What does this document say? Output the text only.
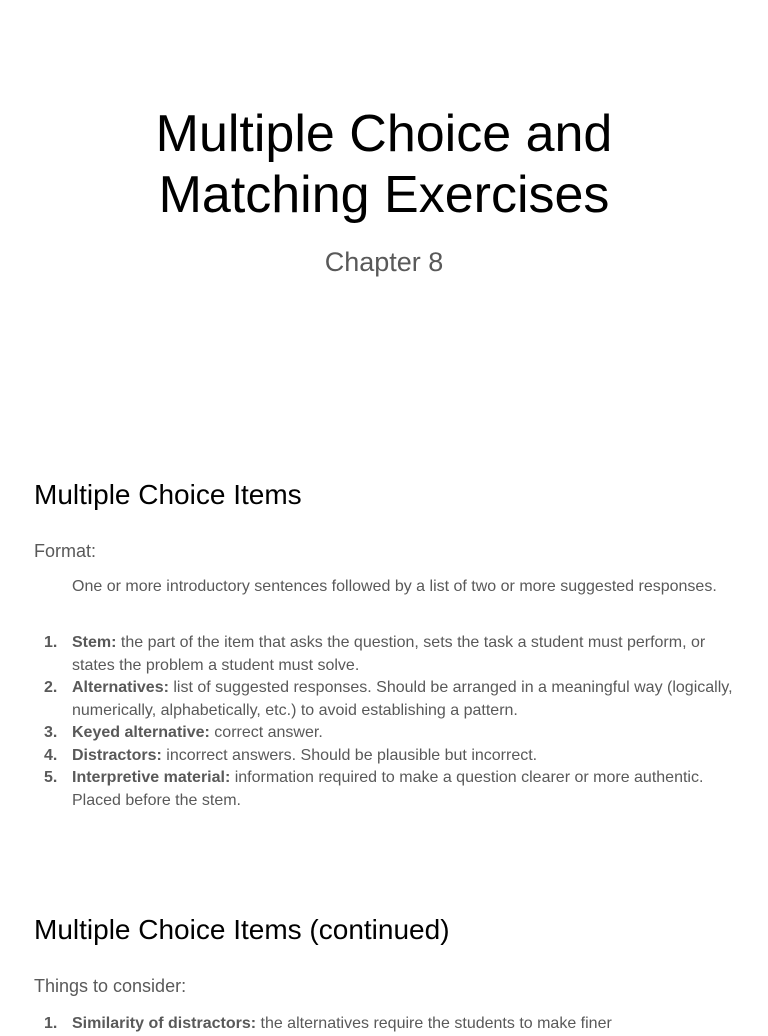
Multiple Choice and
Matching Exercises

Chapter 8

Multiple Choice Items

Format:

One or more introductory sentences followed by a list of two or more suggested responses.

1. Stem: the part of the item that asks the question, sets the task a student must perform, or states the problem a student must solve.
2. Alternatives: list of suggested responses. Should be arranged in a meaningful way (logically, numerically, alphabetically, etc.) to avoid establishing a pattern.
3. Keyed alternative: correct answer.
4. Distractors: incorrect answers. Should be plausible but incorrect.
5. Interpretive material: information required to make a question clearer or more authentic. Placed before the stem.
Multiple Choice Items (continued)

Things to consider:

1. Similarity of distractors: the alternatives require the students to make finer
